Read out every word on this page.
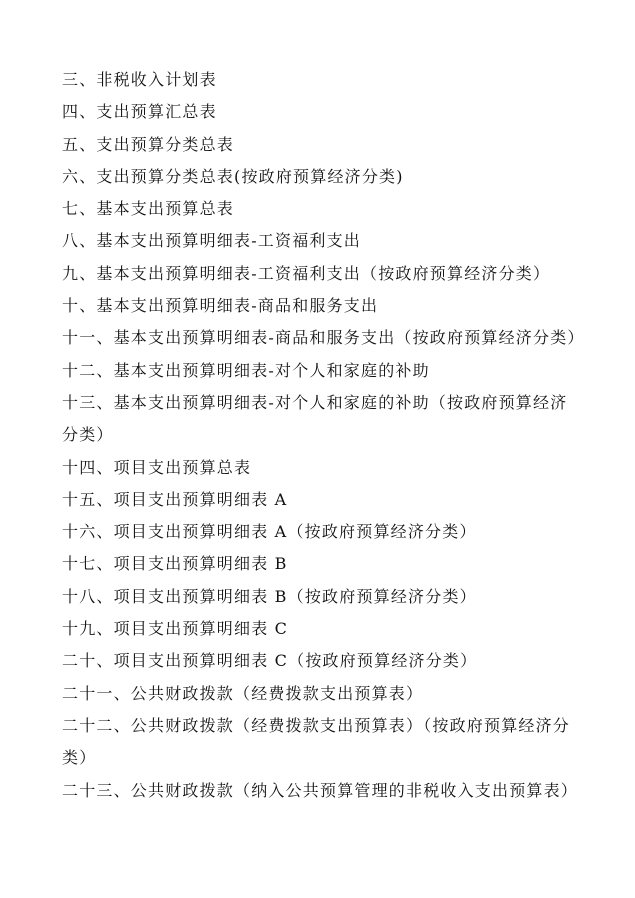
三、非税收入计划表

四、支出预算汇总表

五、支出预算分类总表

六、支出预算分类总表(按政府预算经济分类)

七、基本支出预算总表

八、基本支出预算明细表-工资福利支出

九、基本支出预算明细表-工资福利支出（按政府预算经济分类）

十、基本支出预算明细表-商品和服务支出

十一、基本支出预算明细表-商品和服务支出（按政府预算经济分类）

十二、基本支出预算明细表-对个人和家庭的补助

十三、基本支出预算明细表-对个人和家庭的补助（按政府预算经济分类）

十四、项目支出预算总表

十五、项目支出预算明细表 A

十六、项目支出预算明细表 A（按政府预算经济分类）

十七、项目支出预算明细表 B

十八、项目支出预算明细表 B（按政府预算经济分类）

十九、项目支出预算明细表 C

二十、项目支出预算明细表 C（按政府预算经济分类）

二十一、公共财政拨款（经费拨款支出预算表）

二十二、公共财政拨款（经费拨款支出预算表）（按政府预算经济分类）

二十三、公共财政拨款（纳入公共预算管理的非税收入支出预算表）
